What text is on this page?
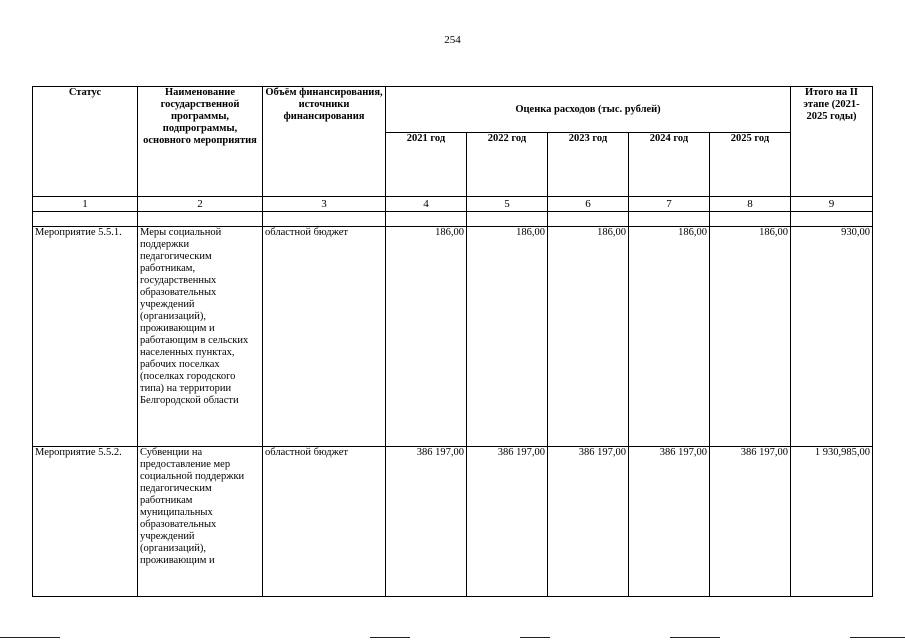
254
Статус	Наименование государственной программы, подпрограммы, основного мероприятия	Объём финансирования, источники финансирования	Оценка расходов (тыс. рублей)					Итого на II этапе (2021-2025 годы)
			2021 год	2022 год	2023 год	2024 год	2025 год	
1	2	3	4	5	6	7	8	9

Мероприятие 5.5.1.	Меры социальной поддержки педагогическим работникам, государственных образовательных учреждений (организаций), проживающим и работающим в сельских населенных пунктах, рабочих поселках (поселках городского типа) на территории Белгородской области	областной бюджет	186,00	186,00	186,00	186,00	186,00	930,00
Мероприятие 5.5.2.	Субвенции на предоставление мер социальной поддержки педагогическим работникам муниципальных образовательных учреждений (организаций), проживающим и	областной бюджет	386 197,00	386 197,00	386 197,00	386 197,00	386 197,00	1 930,985,00
